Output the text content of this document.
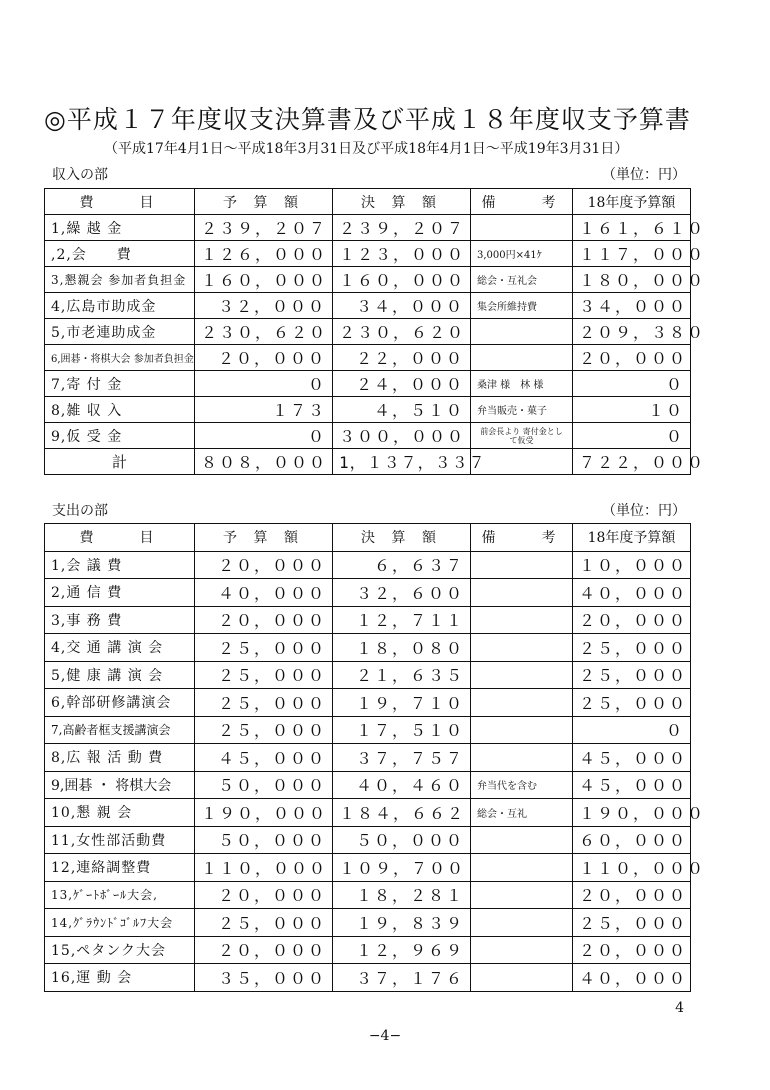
◎平成１７年度収支決算書及び平成１８年度収支予算書
（平成17年4月1日〜平成18年3月31日及び平成18年4月1日〜平成19年3月31日）
収入の部	（単位：円）
費　　目	予 算 額	決 算 額	備　　考	18年度予算額
1,繰 越 金	２３９，２０７	２３９，２０７		１６１，６１０
,2,会　　費	１２６，０００	１２３，０００	3,000円×41ｹ	１１７，０００
3,懇親会 参加者負担金	１６０，０００	１６０，０００	総会・互礼会	１８０，０００
4,広島市助成金	３２，０００	３４，０００	集会所維持費	３４，０００
5,市老連助成金	２３０，６２０	２３０，６２０		２０９，３８０
6,囲碁・将棋大会 参加者負担金	２０，０００	２２，０００		２０，０００
7,寄 付 金	０	２４，０００	桑津 様　林 様	０
8,雑 収 入	１７３	４，５１０	弁当販売・菓子	１０
9,仮 受 金	０	３００，０００	前会長より 寄付金として仮受	０
計	８０８，０００	1，１３７，３３７		７２２，０００
支出の部	（単位：円）
費　　目	予 算 額	決 算 額	備　　考	18年度予算額
1,会 議 費	２０，０００	６，６３７		１０，０００
2,通 信 費	４０，０００	３２，６００		４０，０００
3,事 務 費	２０，０００	１２，７１１		２０，０００
4,交 通 講 演 会	２５，０００	１８，０８０		２５，０００
5,健 康 講 演 会	２５，０００	２１，６３５		２５，０００
6,幹部研修講演会	２５，０００	１９，７１０		２５，０００
7,高齢者框支援講演会	２５，０００	１７，５１０		０
8,広 報 活 動 費	４５，０００	３７，７５７		４５，０００
9,囲碁 ・ 将棋大会	５０，０００	４０，４６０	弁当代を含む	４５，０００
10,懇 親 会	１９０，０００	１８４，６６２	総会・互礼	１９０，０００
11,女性部活動費	５０，０００	５０，０００		６０，０００
12,連絡調整費	１１０，０００	１０９，７００		１１０，０００
13,ｹﾞｰﾄﾎﾞｰﾙ大会,	２０，０００	１８，２８１		２０，０００
14,ｸﾞﾗｳﾝﾄﾞｺﾞﾙﾌ大会	２５，０００	１９，８３９		２５，０００
15,ペタンク大会	２０，０００	１２，９６９		２０，０００
16,運 動 会	３５，０００	３７，１７６		４０，０００
4
−4−
